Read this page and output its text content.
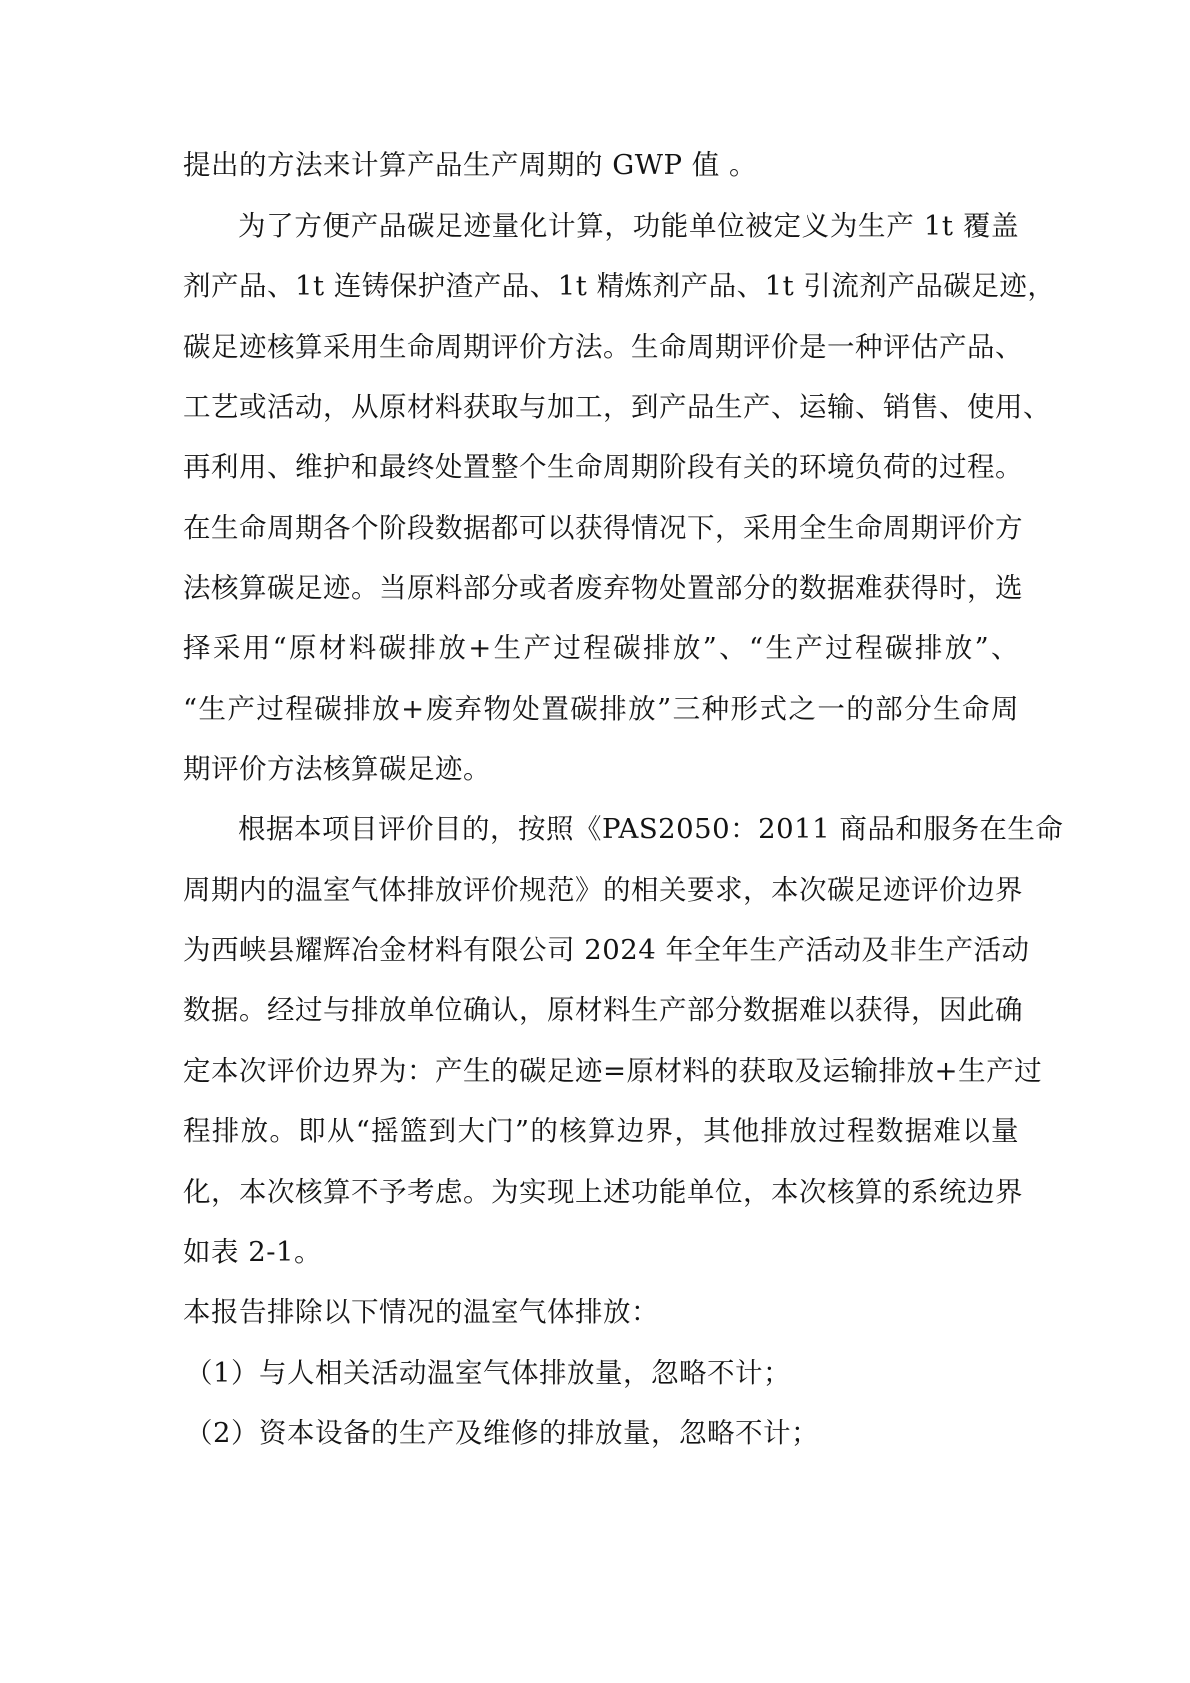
提出的方法来计算产品生产周期的 GWP 值 。
为了方便产品碳足迹量化计算，功能单位被定义为生产 1t 覆盖
剂产品、1t 连铸保护渣产品、1t 精炼剂产品、1t 引流剂产品碳足迹，
碳足迹核算采用生命周期评价方法。生命周期评价是一种评估产品、
工艺或活动，从原材料获取与加工，到产品生产、运输、销售、使用、
再利用、维护和最终处置整个生命周期阶段有关的环境负荷的过程。
在生命周期各个阶段数据都可以获得情况下，采用全生命周期评价方
法核算碳足迹。当原料部分或者废弃物处置部分的数据难获得时，选
择采用“原材料碳排放+生产过程碳排放”、“生产过程碳排放”、
“生产过程碳排放+废弃物处置碳排放”三种形式之一的部分生命周
期评价方法核算碳足迹。
根据本项目评价目的，按照《PAS2050：2011 商品和服务在生命
周期内的温室气体排放评价规范》的相关要求，本次碳足迹评价边界
为西峡县耀辉冶金材料有限公司 2024 年全年生产活动及非生产活动
数据。经过与排放单位确认，原材料生产部分数据难以获得，因此确
定本次评价边界为：产生的碳足迹=原材料的获取及运输排放+生产过
程排放。即从“摇篮到大门”的核算边界，其他排放过程数据难以量
化，本次核算不予考虑。为实现上述功能单位，本次核算的系统边界
如表 2-1。
本报告排除以下情况的温室气体排放：
（1）与人相关活动温室气体排放量，忽略不计；
（2）资本设备的生产及维修的排放量，忽略不计；
